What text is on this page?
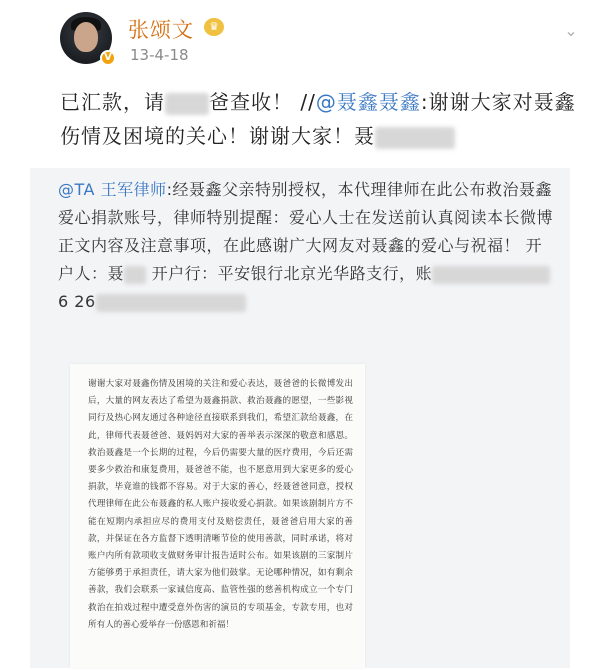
V
张颂文	♛
13-4-18
⌄
已汇款，请 爸查收！ //@聂鑫聂鑫:谢谢大家对聂鑫伤情及困境的关心！谢谢大家！聂
@TA 王军律师:经聂鑫父亲特别授权，本代理律师在此公布救治聂鑫爱心捐款账号，律师特别提醒：爱心人士在发送前认真阅读本长微博正文内容及注意事项，在此感谢广大网友对聂鑫的爱心与祝福！ 开户人：聂 开户行：平安银行北京光华路支行，账6 26
谢谢大家对聂鑫伤情及困境的关注和爱心表达，聂爸爸的长微博发出后，大量的网友表达了希望为聂鑫捐款、救治聂鑫的愿望，一些影视同行及热心网友通过各种途径直接联系到我们，希望汇款给聂鑫，在此，律师代表聂爸爸、聂妈妈对大家的善举表示深深的敬意和感恩。救治聂鑫是一个长期的过程，今后仍需要大量的医疗费用，今后还需要多少救治和康复费用，聂爸爸不能，也不愿意用到大家更多的爱心捐款，毕竟谁的钱都不容易。对于大家的善心，经聂爸爸同意，授权代理律师在此公布聂鑫的私人账户接收爱心捐款。如果该剧制片方不能在短期内承担应尽的费用支付及赔偿责任，聂爸爸启用大家的善款，并保证在各方监督下透明清晰节俭的使用善款，同时承诺，将对账户内所有款项收支做财务审计报告适时公布。如果该剧的三家制片方能够勇于承担责任，请大家为他们鼓掌。无论哪种情况，如有剩余善款，我们会联系一家诚信度高、监管性强的慈善机构成立一个专门救治在拍戏过程中遭受意外伤害的演员的专项基金，专款专用，也对所有人的善心爱举存一份感恩和祈福！
